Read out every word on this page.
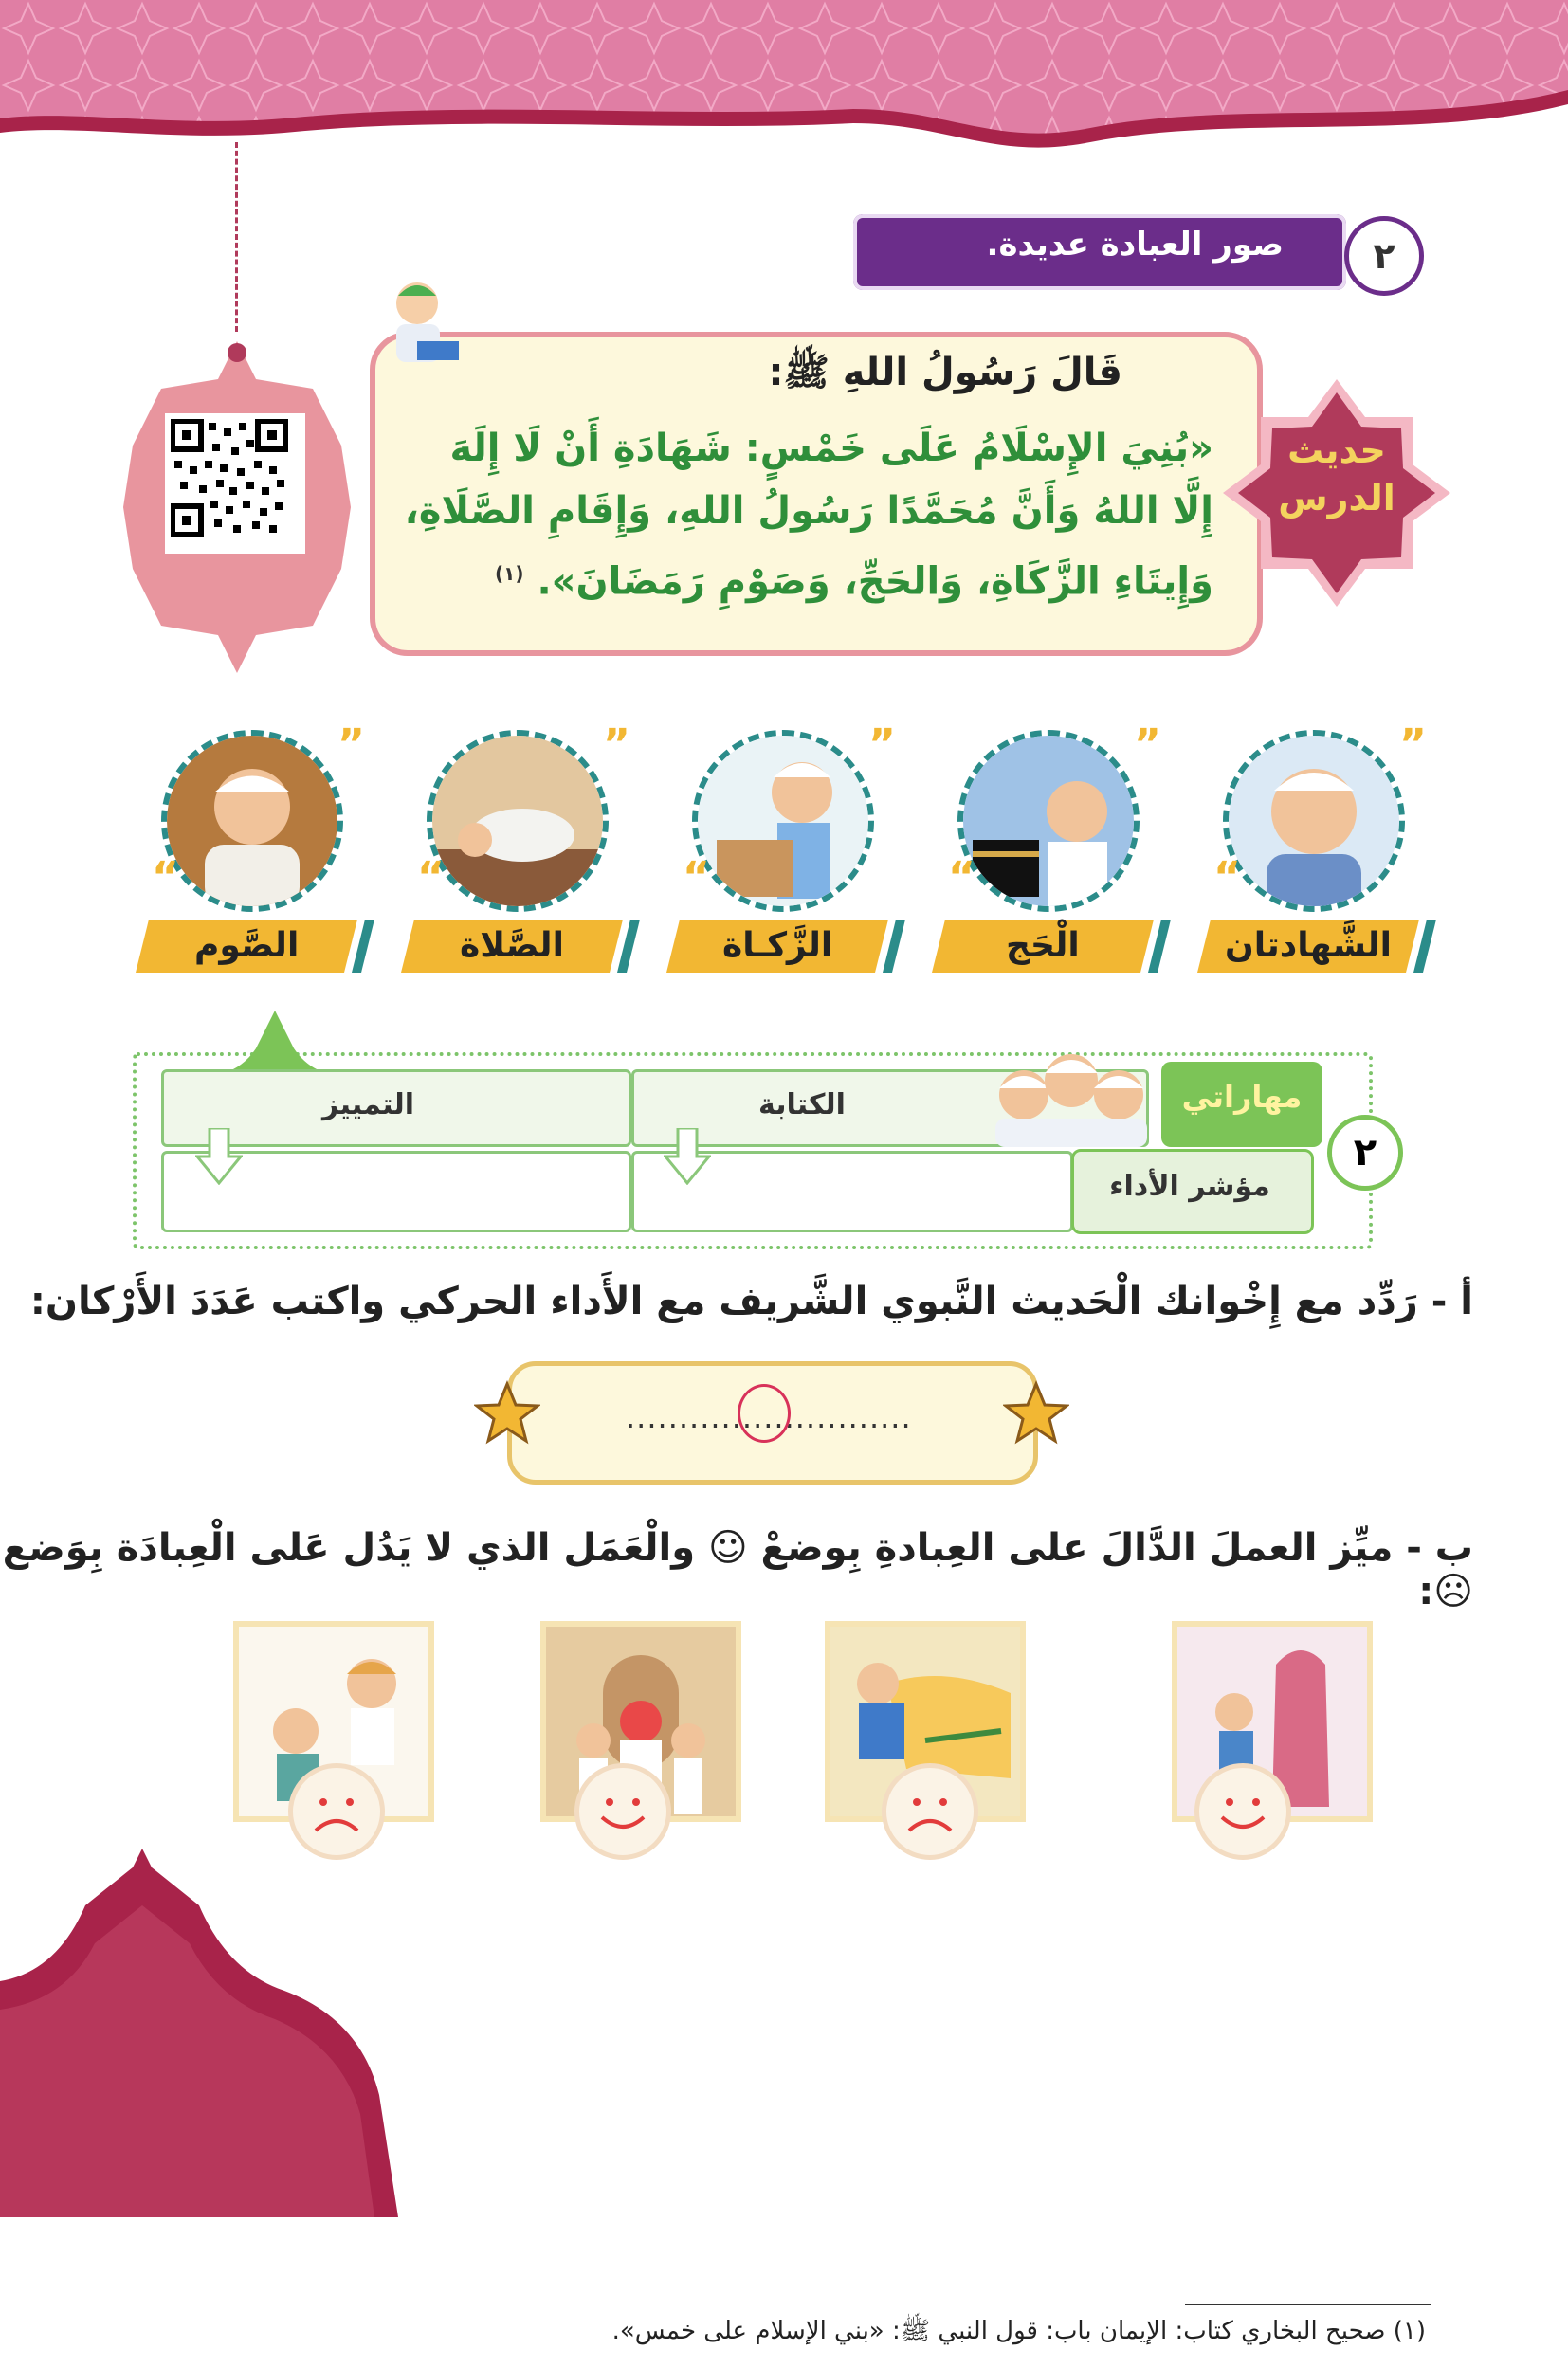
صور العبادة عديدة.	٢
قَالَ رَسُولُ اللهِ ﷺ:
«بُنِيَ الإِسْلَامُ عَلَى خَمْسٍ: شَهَادَةِ أَنْ لَا إِلَهَ إِلَّا اللهُ وَأَنَّ مُحَمَّدًا رَسُولُ اللهِ، وَإِقَامِ الصَّلَاةِ، وَإِيتَاءِ الزَّكَاةِ، وَالحَجِّ، وَصَوْمِ رَمَضَانَ». $^{(١)}$
حديث
الدرس
”
“
الشَّهادتان
”
“
الْحَج
”
“
الزَّكـاة
”
“
الصَّلاة
”
“
الصَّوم
الكتابة
التمييز	مهاراتي
مؤشر الأداء
٢
أ - رَدِّد مع إِخْوانك الْحَديث النَّبوي الشَّريف مع الأَداء الحركي واكتب عَدَدَ الأَرْكان:
...........................
ب - ميِّز العملَ الدَّالَ على العِبادةِ بِوضعْ ☺ والْعَمَل الذي لا يَدُل عَلى الْعِبادَة بِوَضع ☹:
٥٧	(١) صحيح البخاري كتاب: الإيمان باب: قول النبي ﷺ: «بني الإسلام على خمس».
